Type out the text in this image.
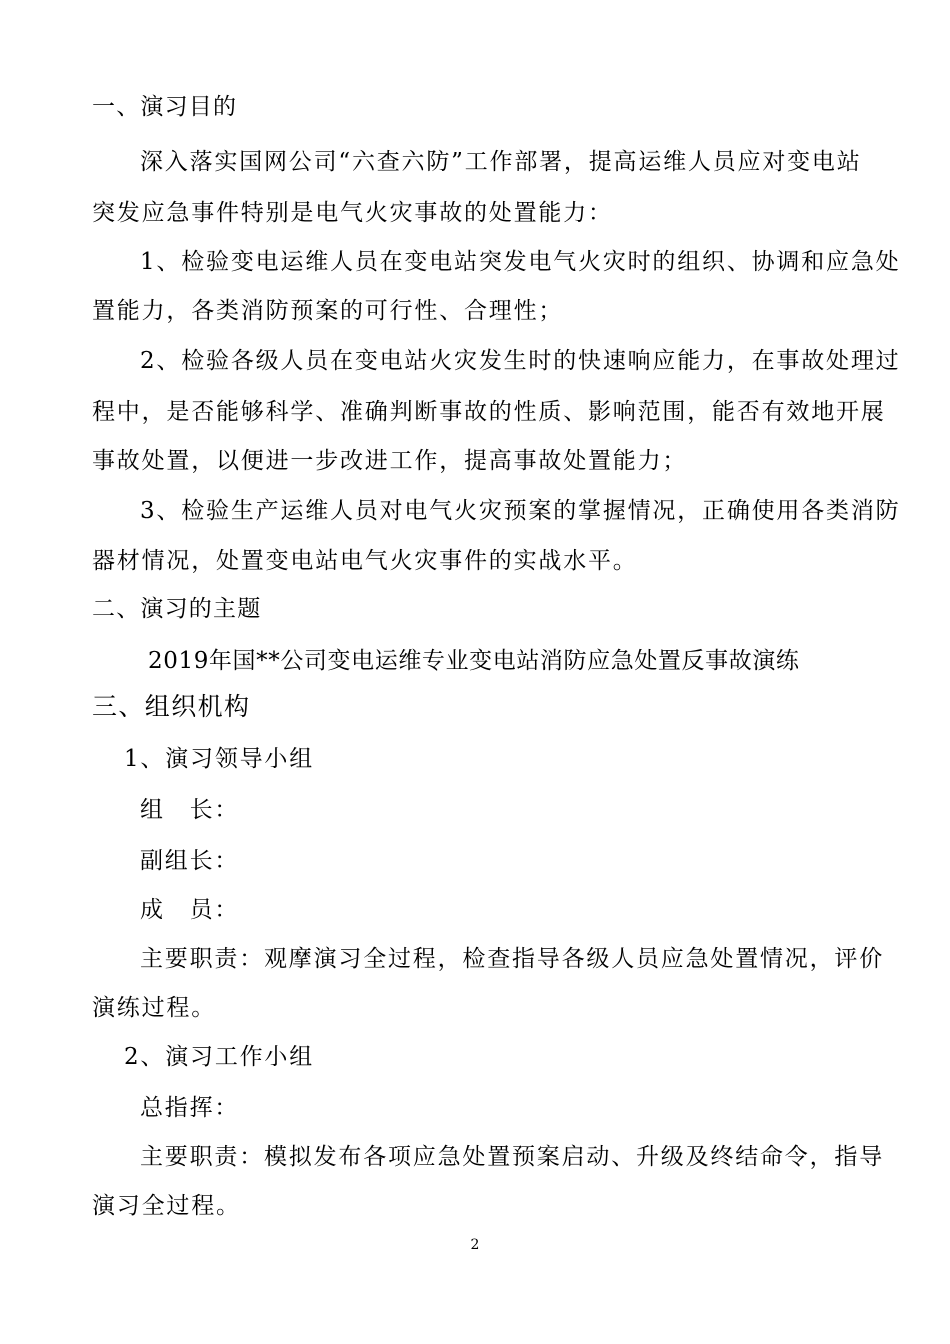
一、演习目的
深入落实国网公司“六查六防”工作部署，提高运维人员应对变电站
突发应急事件特别是电气火灾事故的处置能力：
1、检验变电运维人员在变电站突发电气火灾时的组织、协调和应急处
置能力，各类消防预案的可行性、合理性；
2、检验各级人员在变电站火灾发生时的快速响应能力，在事故处理过
程中，是否能够科学、准确判断事故的性质、影响范围，能否有效地开展
事故处置，以便进一步改进工作，提高事故处置能力；
3、检验生产运维人员对电气火灾预案的掌握情况，正确使用各类消防
器材情况，处置变电站电气火灾事件的实战水平。
二、演习的主题
2019年国**公司变电运维专业变电站消防应急处置反事故演练
三、组织机构
1、演习领导小组
组　长：
副组长：
成　员：
主要职责：观摩演习全过程，检查指导各级人员应急处置情况，评价
演练过程。
2、演习工作小组
总指挥：
主要职责：模拟发布各项应急处置预案启动、升级及终结命令，指导
演习全过程。
2
